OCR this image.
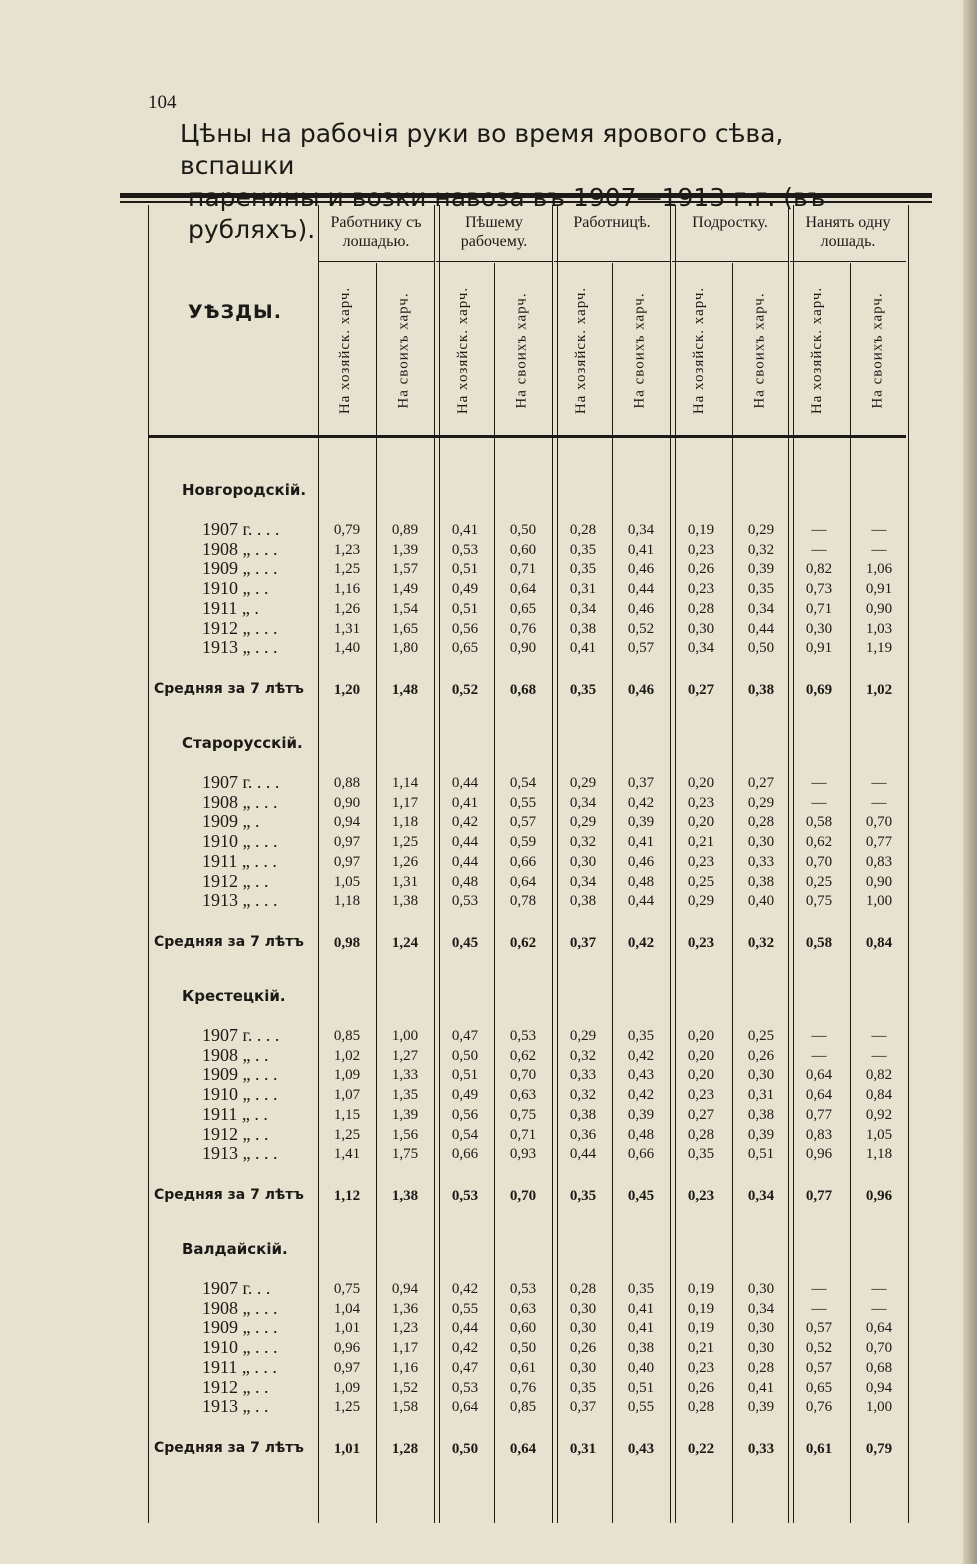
104
Цѣны на рабочія руки во время ярового сѣва, вспашки
рубляхъ).
УѢЗДЫ.
Работнику съ лошадью.
На хозяйск. харч.	На своихъ харч.
Пѣшему рабочему.
На хозяйск. харч.	На своихъ харч.
Работницѣ.
На хозяйск. харч.	На своихъ харч.
Подростку.
На хозяйск. харч.	На своихъ харч.
Нанять одну лошадь.
На хозяйск. харч.	На своихъ харч.
Новгородскій.
1907 г. . . .	0,79	0,89	0,41	0,50	0,28	0,34	0,19	0,29	—	—
1908 „ . . .	1,23	1,39	0,53	0,60	0,35	0,41	0,23	0,32	—	—
1909 „ . . .	1,25	1,57	0,51	0,71	0,35	0,46	0,26	0,39	0,82	1,06
1910 „ . .	1,16	1,49	0,49	0,64	0,31	0,44	0,23	0,35	0,73	0,91
1911 „ .	1,26	1,54	0,51	0,65	0,34	0,46	0,28	0,34	0,71	0,90
1912 „ . . .	1,31	1,65	0,56	0,76	0,38	0,52	0,30	0,44	0,30	1,03
1913 „ . . .	1,40	1,80	0,65	0,90	0,41	0,57	0,34	0,50	0,91	1,19
Средняя за 7 лѣтъ	1,20	1,48	0,52	0,68	0,35	0,46	0,27	0,38	0,69	1,02
Старорусскій.
1907 г. . . .	0,88	1,14	0,44	0,54	0,29	0,37	0,20	0,27	—	—
1908 „ . . .	0,90	1,17	0,41	0,55	0,34	0,42	0,23	0,29	—	—
1909 „ .	0,94	1,18	0,42	0,57	0,29	0,39	0,20	0,28	0,58	0,70
1910 „ . . .	0,97	1,25	0,44	0,59	0,32	0,41	0,21	0,30	0,62	0,77
1911 „ . . .	0,97	1,26	0,44	0,66	0,30	0,46	0,23	0,33	0,70	0,83
1912 „ . .	1,05	1,31	0,48	0,64	0,34	0,48	0,25	0,38	0,25	0,90
1913 „ . . .	1,18	1,38	0,53	0,78	0,38	0,44	0,29	0,40	0,75	1,00
Средняя за 7 лѣтъ	0,98	1,24	0,45	0,62	0,37	0,42	0,23	0,32	0,58	0,84
Крестецкій.
1907 г. . . .	0,85	1,00	0,47	0,53	0,29	0,35	0,20	0,25	—	—
1908 „ . .	1,02	1,27	0,50	0,62	0,32	0,42	0,20	0,26	—	—
1909 „ . . .	1,09	1,33	0,51	0,70	0,33	0,43	0,20	0,30	0,64	0,82
1910 „ . . .	1,07	1,35	0,49	0,63	0,32	0,42	0,23	0,31	0,64	0,84
1911 „ . .	1,15	1,39	0,56	0,75	0,38	0,39	0,27	0,38	0,77	0,92
1912 „ . .	1,25	1,56	0,54	0,71	0,36	0,48	0,28	0,39	0,83	1,05
1913 „ . . .	1,41	1,75	0,66	0,93	0,44	0,66	0,35	0,51	0,96	1,18
Средняя за 7 лѣтъ	1,12	1,38	0,53	0,70	0,35	0,45	0,23	0,34	0,77	0,96
Валдайскій.
1907 г. . .	0,75	0,94	0,42	0,53	0,28	0,35	0,19	0,30	—	—
1908 „ . . .	1,04	1,36	0,55	0,63	0,30	0,41	0,19	0,34	—	—
1909 „ . . .	1,01	1,23	0,44	0,60	0,30	0,41	0,19	0,30	0,57	0,64
1910 „ . . .	0,96	1,17	0,42	0,50	0,26	0,38	0,21	0,30	0,52	0,70
1911 „ . . .	0,97	1,16	0,47	0,61	0,30	0,40	0,23	0,28	0,57	0,68
1912 „ . .	1,09	1,52	0,53	0,76	0,35	0,51	0,26	0,41	0,65	0,94
1913 „ . .	1,25	1,58	0,64	0,85	0,37	0,55	0,28	0,39	0,76	1,00
Средняя за 7 лѣтъ	1,01	1,28	0,50	0,64	0,31	0,43	0,22	0,33	0,61	0,79
